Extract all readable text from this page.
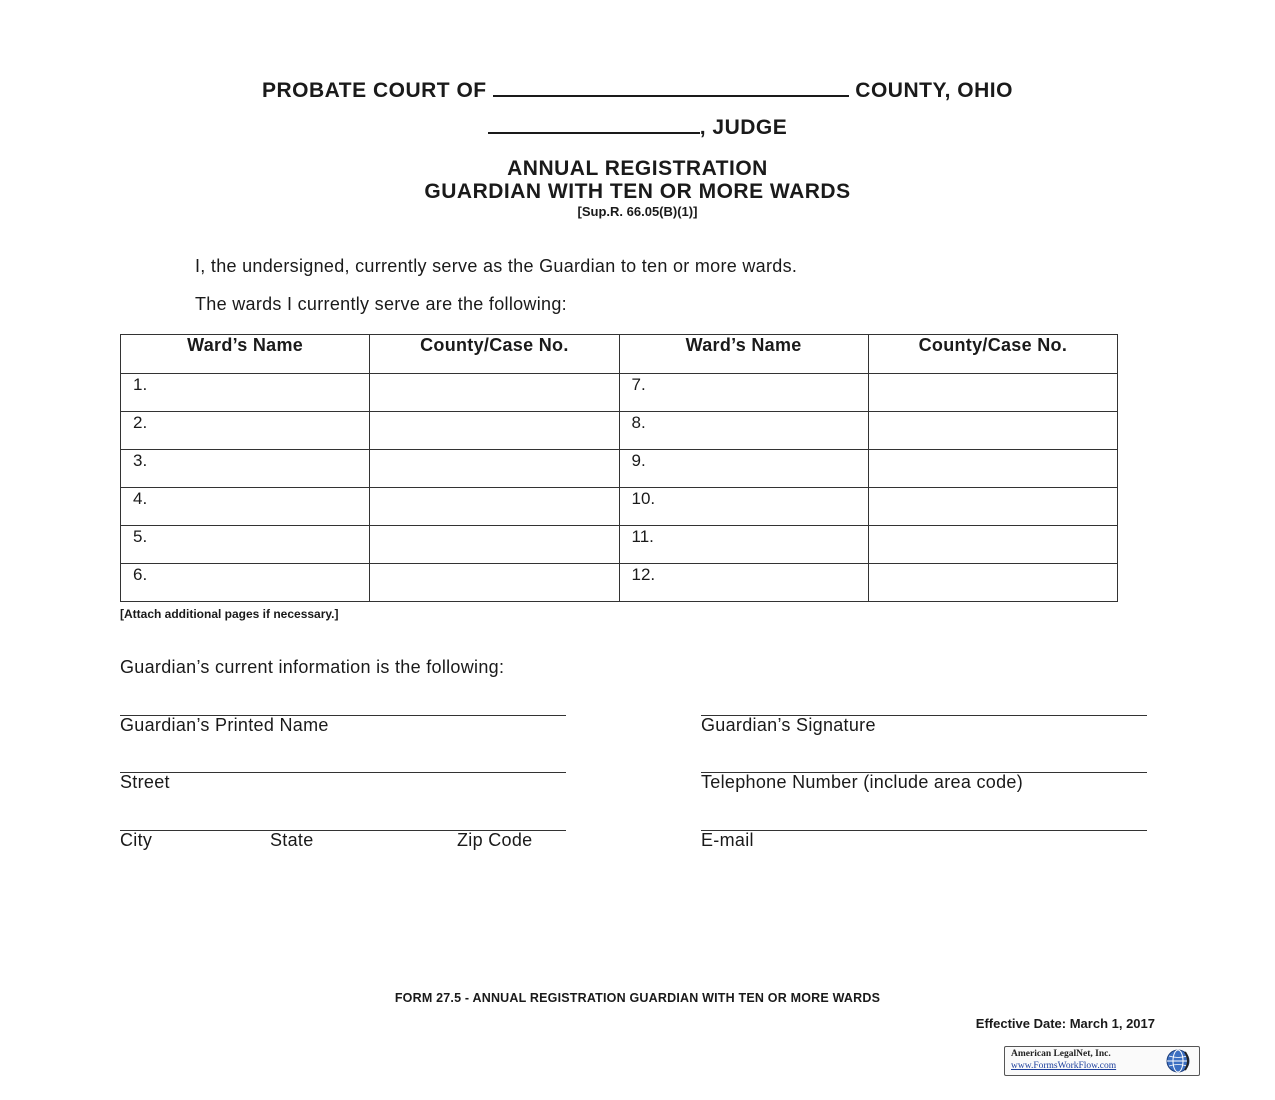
PROBATE COURT OF	COUNTY, OHIO
, JUDGE
ANNUAL REGISTRATION
GUARDIAN WITH TEN OR MORE WARDS
[Sup.R. 66.05(B)(1)]
I, the undersigned, currently serve as the Guardian to ten or more wards.
The wards I currently serve are the following:
Ward’s Name	County/Case No.	Ward’s Name	County/Case No.

1.		7.	

2.		8.	

3.		9.	

4.		10.	

5.		11.	

6.		12.	

[Attach additional pages if necessary.]
Guardian’s current information is the following:
Guardian’s Printed Name
Street
City	State	Zip Code
Guardian’s Signature
Telephone Number (include area code)
E-mail
FORM 27.5 - ANNUAL REGISTRATION GUARDIAN WITH TEN OR MORE WARDS
Effective Date: March 1, 2017
American LegalNet, Inc.
www.FormsWorkFlow.com
